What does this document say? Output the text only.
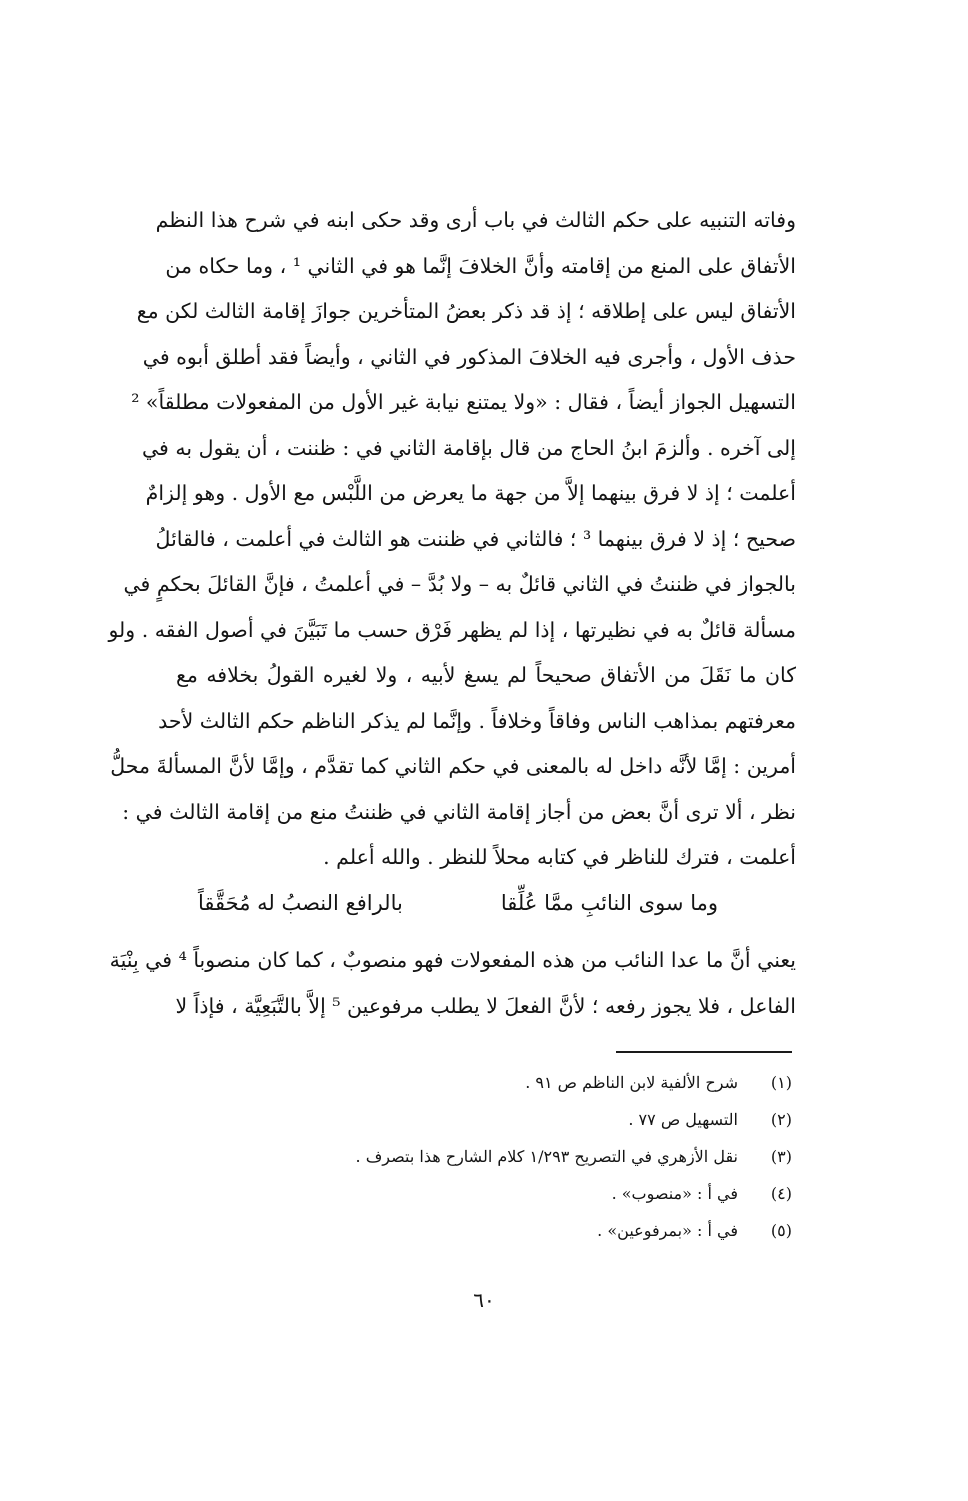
وفاته التنبيه على حكم الثالث في باب أرى وقد حكى ابنه في شرح هذا النظم
الأتفاق على المنع من إقامته وأنَّ الخلافَ إنَّما هو في الثاني ¹ ، وما حكاه من
الأتفاق ليس على إطلاقه ؛ إذ قد ذكر بعضُ المتأخرين جوازَ إقامة الثالث لكن مع
حذف الأول ، وأجرى فيه الخلافَ المذكور في الثاني ، وأيضاً فقد أطلق أبوه في
التسهيل الجواز أيضاً ، فقال : «ولا يمتنع نيابة غير الأول من المفعولات مطلقاً» ²
إلى آخره . وألزمَ ابنُ الحاج من قال بإقامة الثاني في : ظننت ، أن يقول به في
أعلمت ؛ إذ لا فرق بينهما إلاَّ من جهة ما يعرض من اللَّبْس مع الأول . وهو إلزامٌ
صحيح ؛ إذ لا فرق بينهما ³ ؛ فالثاني في ظننت هو الثالث في أعلمت ، فالقائلُ
بالجواز في ظننتُ في الثاني قائلٌ به – ولا بُدَّ – في أعلمتُ ، فإنَّ القائلَ بحكمٍ في
مسألة قائلٌ به في نظيرتها ، إذا لم يظهر فَرْق حسب ما تَبَيَّنَ في أصول الفقه . ولو
كان ما نَقَلَ من الأتفاق صحيحاً لم يسغ لأبيه ، ولا لغيره القولُ بخلافه مع
معرفتهم بمذاهب الناس وفاقاً وخلافاً . وإنَّما لم يذكر الناظم حكم الثالث لأحد
أمرين : إمَّا لأنَّه داخل له بالمعنى في حكم الثاني كما تقدَّم ، وإمَّا لأنَّ المسألةَ محلُّ
نظر ، ألا ترى أنَّ بعض من أجاز إقامة الثاني في ظننتُ منع من إقامة الثالث في :
أعلمت ، فترك للناظر في كتابه محلاً للنظر . والله أعلم .
وما سوى النائبِ ممَّا عُلِّقا
بالرافع النصبُ له مُحَقَّقاً
يعني أنَّ ما عدا النائب من هذه المفعولات فهو منصوبٌ ، كما كان منصوباً ⁴ في بِنْيَة
الفاعل ، فلا يجوز رفعه ؛ لأنَّ الفعلَ لا يطلب مرفوعين ⁵ إلاَّ بالتَّبَعِيَّة ، فإذاً لا
(١)
شرح الألفية لابن الناظم ص ٩١ .
(٢)
التسهيل ص ٧٧ .
(٣)
نقل الأزهري في التصريح ١/٢٩٣ كلام الشارح هذا بتصرف .
(٤)
في أ : «منصوب» .
(٥)
في أ : «بمرفوعين» .
٦٠
